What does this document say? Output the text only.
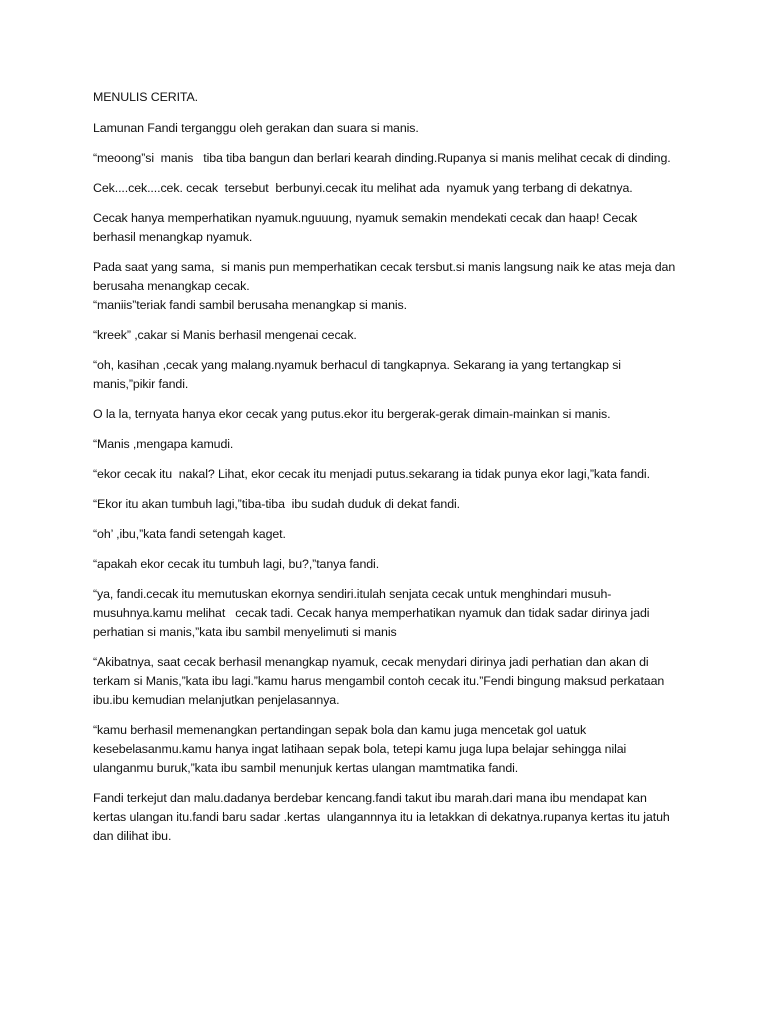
MENULIS CERITA.

Lamunan Fandi terganggu oleh gerakan dan suara si manis.

“meoong”si  manis   tiba tiba bangun dan berlari kearah dinding.Rupanya si manis melihat cecak di dinding.

Cek....cek....cek. cecak  tersebut  berbunyi.cecak itu melihat ada  nyamuk yang terbang di dekatnya.

Cecak hanya memperhatikan nyamuk.nguuung, nyamuk semakin mendekati cecak dan haap! Cecak berhasil menangkap nyamuk.

Pada saat yang sama,  si manis pun memperhatikan cecak tersbut.si manis langsung naik ke atas meja dan berusaha menangkap cecak.
“maniis”teriak fandi sambil berusaha menangkap si manis.

“kreek” ,cakar si Manis berhasil mengenai cecak.

“oh, kasihan ,cecak yang malang.nyamuk berhacul di tangkapnya. Sekarang ia yang tertangkap si manis,”pikir fandi.

O la la, ternyata hanya ekor cecak yang putus.ekor itu bergerak-gerak dimain-mainkan si manis.

“Manis ,mengapa kamudi.

“ekor cecak itu  nakal? Lihat, ekor cecak itu menjadi putus.sekarang ia tidak punya ekor lagi,”kata fandi.

“Ekor itu akan tumbuh lagi,”tiba-tiba  ibu sudah duduk di dekat fandi.

“oh’ ,ibu,”kata fandi setengah kaget.

“apakah ekor cecak itu tumbuh lagi, bu?,”tanya fandi.

“ya, fandi.cecak itu memutuskan ekornya sendiri.itulah senjata cecak untuk menghindari musuh-musuhnya.kamu melihat   cecak tadi. Cecak hanya memperhatikan nyamuk dan tidak sadar dirinya jadi perhatian si manis,”kata ibu sambil menyelimuti si manis

“Akibatnya, saat cecak berhasil menangkap nyamuk, cecak menydari dirinya jadi perhatian dan akan di terkam si Manis,”kata ibu lagi.”kamu harus mengambil contoh cecak itu.”Fendi bingung maksud perkataan ibu.ibu kemudian melanjutkan penjelasannya.

“kamu berhasil memenangkan pertandingan sepak bola dan kamu juga mencetak gol uatuk kesebelasanmu.kamu hanya ingat latihaan sepak bola, tetepi kamu juga lupa belajar sehingga nilai ulanganmu buruk,”kata ibu sambil menunjuk kertas ulangan mamtmatika fandi.

Fandi terkejut dan malu.dadanya berdebar kencang.fandi takut ibu marah.dari mana ibu mendapat kan kertas ulangan itu.fandi baru sadar .kertas  ulangannnya itu ia letakkan di dekatnya.rupanya kertas itu jatuh dan dilihat ibu.
